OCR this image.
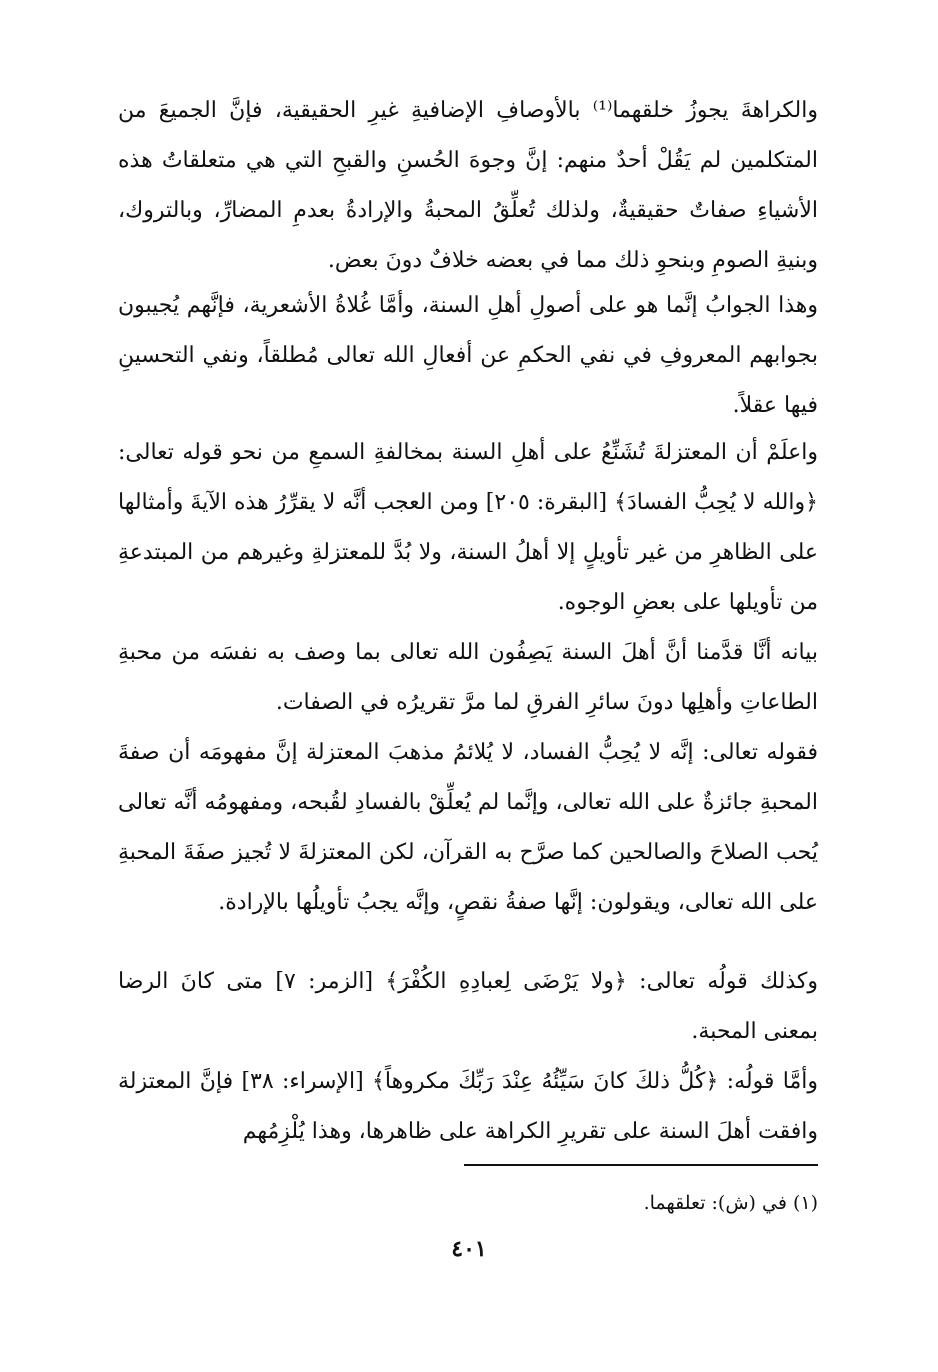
والكراهةَ يجوزُ خلقهما⁽¹⁾ بالأوصافِ الإضافيةِ غيرِ الحقيقية، فإنَّ الجميعَ من المتكلمين لم يَقُلْ أحدٌ منهم: إنَّ وجوهَ الحُسنِ والقبحِ التي هي متعلقاتُ هذه الأشياءِ صفاتٌ حقيقيةٌ، ولذلك تُعلِّقُ المحبةُ والإرادةُ بعدمِ المضارِّ، وبالتروك، وبنيةِ الصومِ وبنحوِ ذلك مما في بعضه خلافٌ دونَ بعض.

وهذا الجوابُ إنَّما هو على أصولِ أهلِ السنة، وأمَّا غُلاةُ الأشعرية، فإنَّهم يُجيبون بجوابهم المعروفِ في نفي الحكمِ عن أفعالِ الله تعالى مُطلقاً، ونفي التحسينِ فيها عقلاً.

واعلَمْ أن المعتزلةَ تُشَنِّعُ على أهلِ السنة بمخالفةِ السمعِ من نحو قوله تعالى: ﴿والله لا يُحِبُّ الفسادَ﴾ [البقرة: ٢٠٥] ومن العجب أنَّه لا يقرِّرُ هذه الآيةَ وأمثالها على الظاهرِ من غير تأويلٍ إلا أهلُ السنة، ولا بُدَّ للمعتزلةِ وغيرهم من المبتدعةِ من تأويلها على بعضِ الوجوه.

بيانه أنَّا قدَّمنا أنَّ أهلَ السنة يَصِفُون الله تعالى بما وصف به نفسَه من محبةِ الطاعاتِ وأهلِها دونَ سائرِ الفرقِ لما مرَّ تقريرُه في الصفات.

فقوله تعالى: إنَّه لا يُحِبُّ الفساد، لا يُلائمُ مذهبَ المعتزلة إنَّ مفهومَه أن صفةَ المحبةِ جائزةٌ على الله تعالى، وإنَّما لم يُعلِّقْ بالفسادِ لقُبحه، ومفهومُه أنَّه تعالى يُحب الصلاحَ والصالحين كما صرَّح به القرآن، لكن المعتزلةَ لا تُجيز صفَةَ المحبةِ على الله تعالى، ويقولون: إنَّها صفةُ نقصٍ، وإنَّه يجبُ تأويلُها بالإرادة.

وكذلك قولُه تعالى: ﴿ولا يَرْضَى لِعبادِهِ الكُفْرَ﴾ [الزمر: ٧] متى كانَ الرضا بمعنى المحبة.

وأمَّا قولُه: ﴿كُلُّ ذلكَ كانَ سَيِّئُهُ عِنْدَ رَبِّكَ مكروهاً﴾ [الإسراء: ٣٨] فإنَّ المعتزلة وافقت أهلَ السنة على تقريرِ الكراهة على ظاهرها، وهذا يُلْزِمُهم

(١) في (ش): تعلقهما.

٤٠١
